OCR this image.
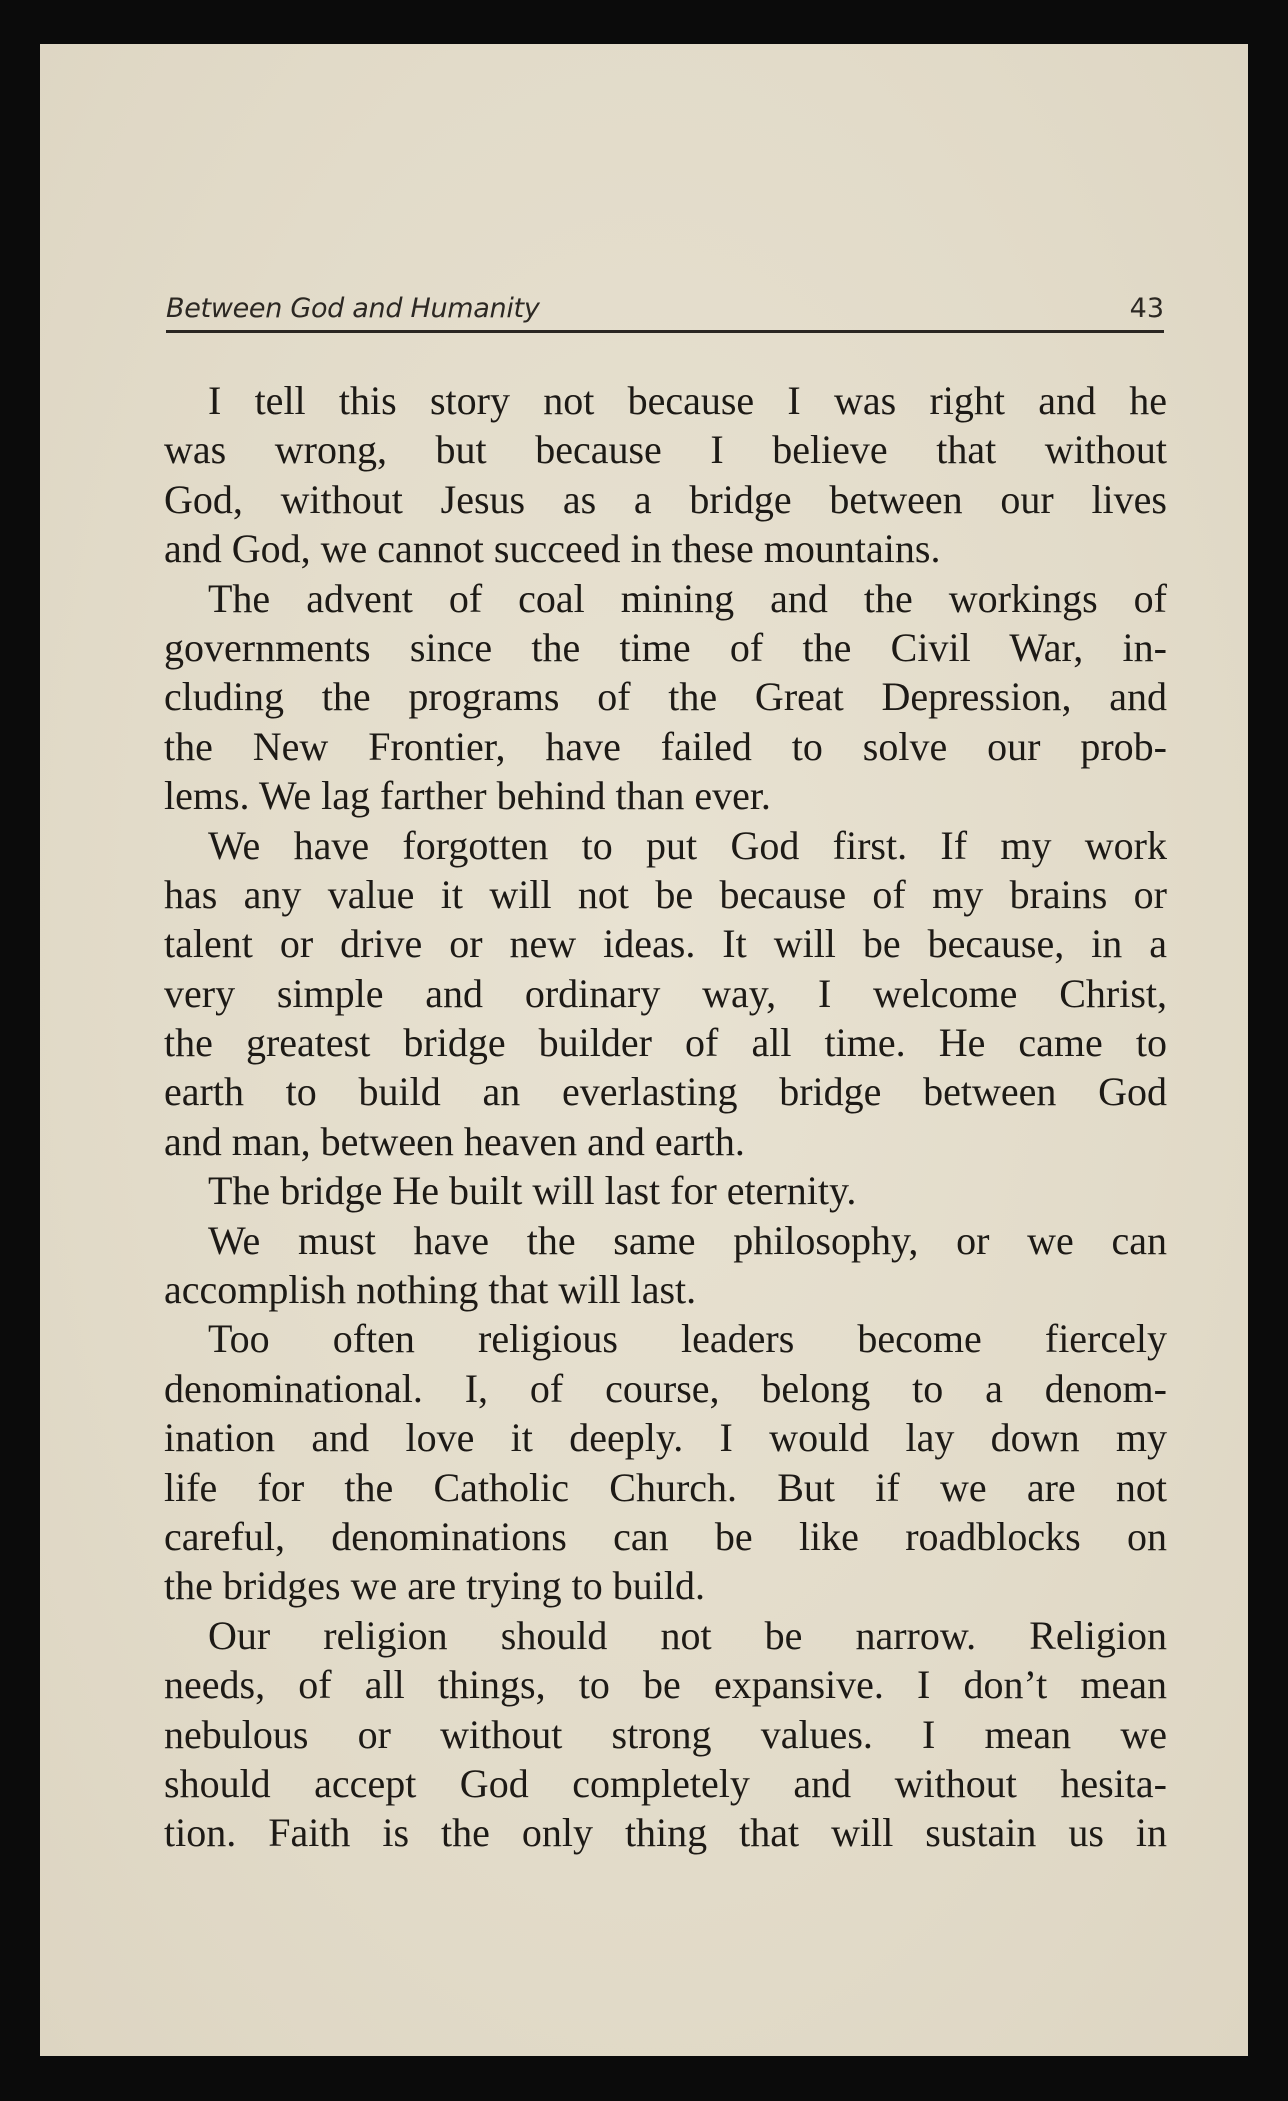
Between God and Humanity	43
I tell this story not because I was right and he
was wrong, but because I believe that without
God, without Jesus as a bridge between our lives
and God, we cannot succeed in these mountains.
The advent of coal mining and the workings of
governments since the time of the Civil War, in-
cluding the programs of the Great Depression, and
the New Frontier, have failed to solve our prob-
lems. We lag farther behind than ever.
We have forgotten to put God first. If my work
has any value it will not be because of my brains or
talent or drive or new ideas. It will be because, in a
very simple and ordinary way, I welcome Christ,
the greatest bridge builder of all time. He came to
earth to build an everlasting bridge between God
and man, between heaven and earth.
The bridge He built will last for eternity.
We must have the same philosophy, or we can
accomplish nothing that will last.
Too often religious leaders become fiercely
denominational. I, of course, belong to a denom-
ination and love it deeply. I would lay down my
life for the Catholic Church. But if we are not
careful, denominations can be like roadblocks on
the bridges we are trying to build.
Our religion should not be narrow. Religion
needs, of all things, to be expansive. I don’t mean
nebulous or without strong values. I mean we
should accept God completely and without hesita-
tion. Faith is the only thing that will sustain us in
